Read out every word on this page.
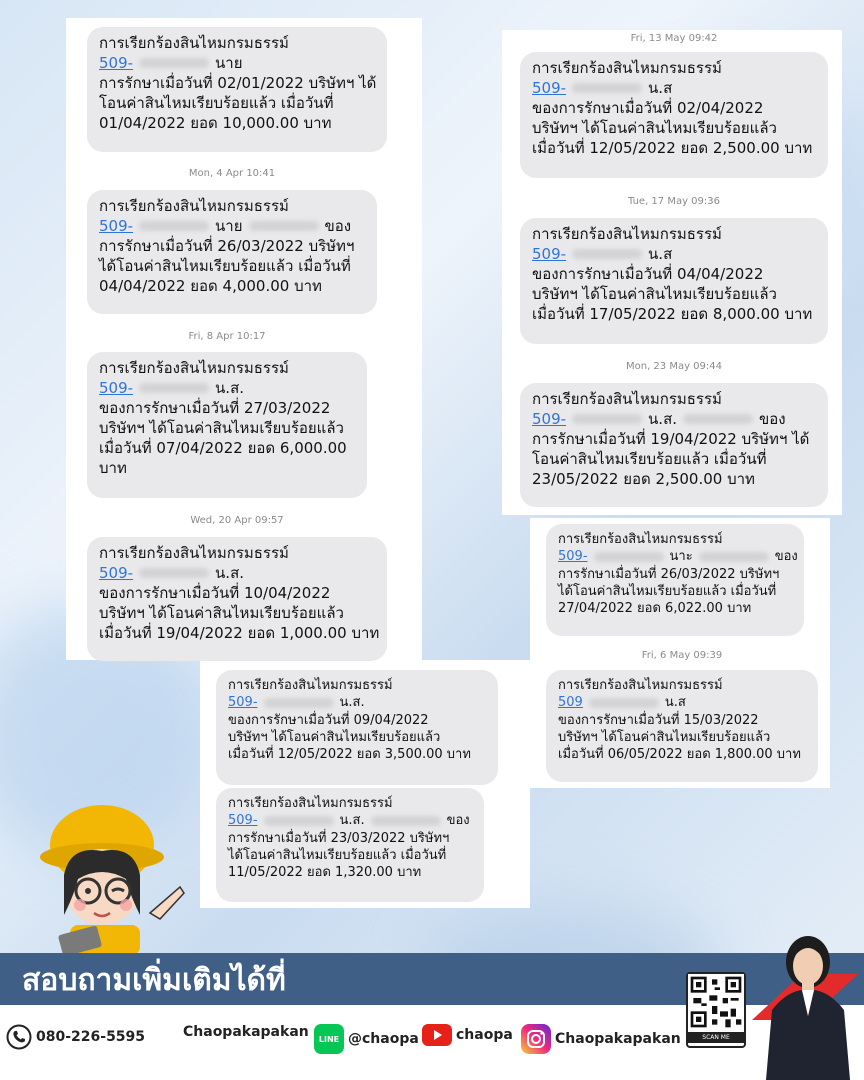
การเรียกร้องสินไหมกรมธรรม์
509-	นาย
การรักษาเมื่อวันที่ 02/01/2022 บริษัทฯ ได้
โอนค่าสินไหมเรียบร้อยแล้ว เมื่อวันที่
01/04/2022 ยอด 10,000.00 บาท
Mon, 4 Apr 10:41
การเรียกร้องสินไหมกรมธรรม์
509-	นาย	ของ
การรักษาเมื่อวันที่ 26/03/2022 บริษัทฯ
ได้โอนค่าสินไหมเรียบร้อยแล้ว เมื่อวันที่
04/04/2022 ยอด 4,000.00 บาท
Fri, 8 Apr 10:17
การเรียกร้องสินไหมกรมธรรม์
509-	น.ส.
ของการรักษาเมื่อวันที่ 27/03/2022
บริษัทฯ ได้โอนค่าสินไหมเรียบร้อยแล้ว
เมื่อวันที่ 07/04/2022 ยอด 6,000.00
บาท
Wed, 20 Apr 09:57
การเรียกร้องสินไหมกรมธรรม์
509-	น.ส.
ของการรักษาเมื่อวันที่ 10/04/2022
บริษัทฯ ได้โอนค่าสินไหมเรียบร้อยแล้ว
เมื่อวันที่ 19/04/2022 ยอด 1,000.00 บาท
การเรียกร้องสินไหมกรมธรรม์
509-	น.ส.
ของการรักษาเมื่อวันที่ 09/04/2022
บริษัทฯ ได้โอนค่าสินไหมเรียบร้อยแล้ว
เมื่อวันที่ 12/05/2022 ยอด 3,500.00 บาท
การเรียกร้องสินไหมกรมธรรม์
509-	น.ส.	ของ
การรักษาเมื่อวันที่ 23/03/2022 บริษัทฯ
ได้โอนค่าสินไหมเรียบร้อยแล้ว เมื่อวันที่
11/05/2022 ยอด 1,320.00 บาท
Fri, 13 May 09:42
การเรียกร้องสินไหมกรมธรรม์
509-	น.ส
ของการรักษาเมื่อวันที่ 02/04/2022
บริษัทฯ ได้โอนค่าสินไหมเรียบร้อยแล้ว
เมื่อวันที่ 12/05/2022 ยอด 2,500.00 บาท
Tue, 17 May 09:36
การเรียกร้องสินไหมกรมธรรม์
509-	น.ส
ของการรักษาเมื่อวันที่ 04/04/2022
บริษัทฯ ได้โอนค่าสินไหมเรียบร้อยแล้ว
เมื่อวันที่ 17/05/2022 ยอด 8,000.00 บาท
Mon, 23 May 09:44
การเรียกร้องสินไหมกรมธรรม์
509-	น.ส.	ของ
การรักษาเมื่อวันที่ 19/04/2022 บริษัทฯ ได้
โอนค่าสินไหมเรียบร้อยแล้ว เมื่อวันที่
23/05/2022 ยอด 2,500.00 บาท
การเรียกร้องสินไหมกรมธรรม์
509-	นาะ	ของ
การรักษาเมื่อวันที่ 26/03/2022 บริษัทฯ
ได้โอนค่าสินไหมเรียบร้อยแล้ว เมื่อวันที่
27/04/2022 ยอด 6,022.00 บาท
Fri, 6 May 09:39
การเรียกร้องสินไหมกรมธรรม์
509	น.ส
ของการรักษาเมื่อวันที่ 15/03/2022
บริษัทฯ ได้โอนค่าสินไหมเรียบร้อยแล้ว
เมื่อวันที่ 06/05/2022 ยอด 1,800.00 บาท
สอบถามเพิ่มเติมได้ที่
080-226-5595	Chaopakapakan LINE @chaopa	chaopa	Chaopakapakan	SCAN ME
